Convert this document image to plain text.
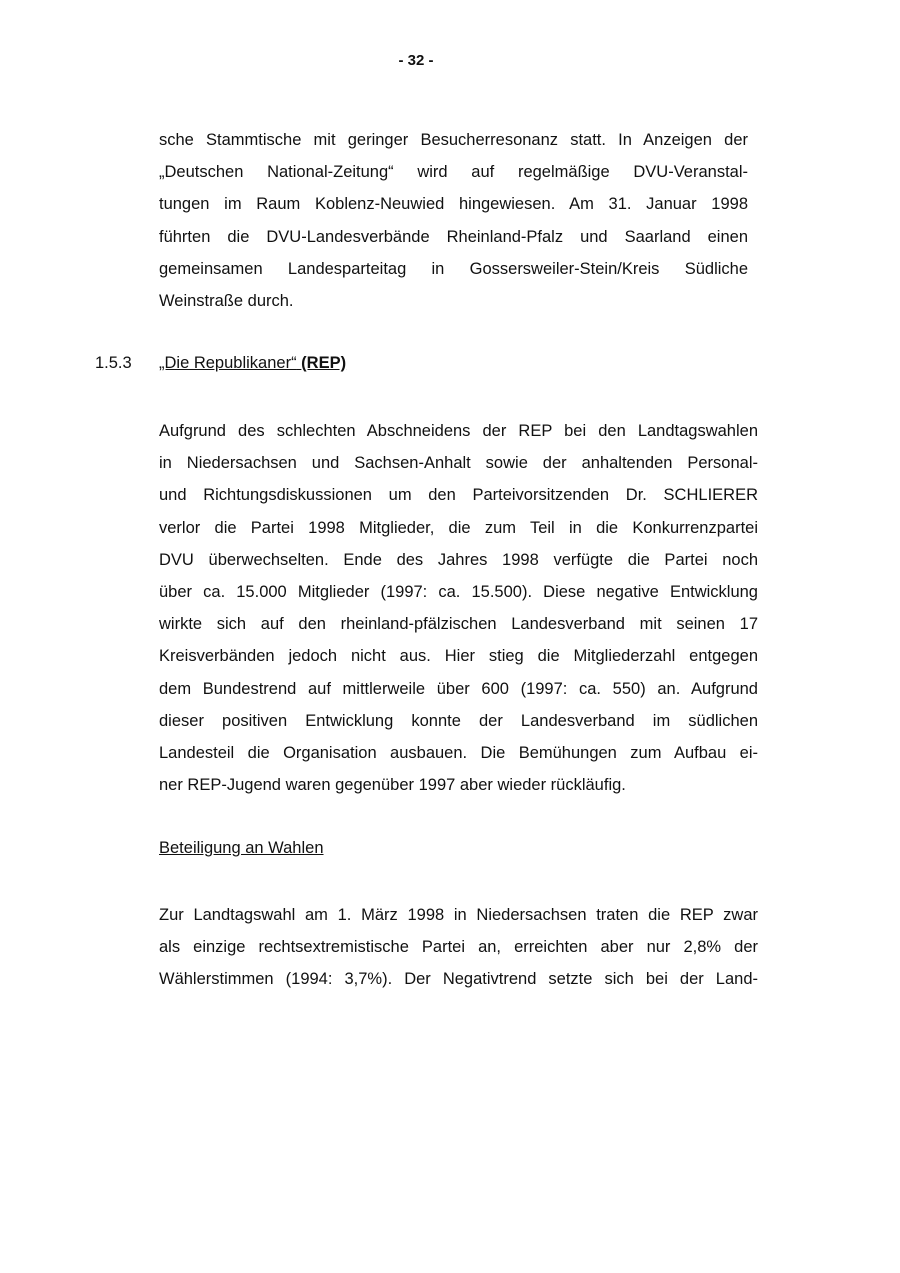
- 32 -

sche Stammtische mit geringer Besucherresonanz statt. In Anzeigen der
„Deutschen National-Zeitung“ wird auf regelmäßige DVU-Veranstal-
tungen im Raum Koblenz-Neuwied hingewiesen. Am 31. Januar 1998
führten die DVU-Landesverbände Rheinland-Pfalz und Saarland einen
gemeinsamen Landesparteitag in Gossersweiler-Stein/Kreis Südliche
Weinstraße durch.

1.5.3 „Die Republikaner“ (REP)

Aufgrund des schlechten Abschneidens der REP bei den Landtagswahlen
in Niedersachsen und Sachsen-Anhalt sowie der anhaltenden Personal-
und Richtungsdiskussionen um den Parteivorsitzenden Dr. SCHLIERER
verlor die Partei 1998 Mitglieder, die zum Teil in die Konkurrenzpartei
DVU überwechselten. Ende des Jahres 1998 verfügte die Partei noch
über ca. 15.000 Mitglieder (1997: ca. 15.500). Diese negative Entwicklung
wirkte sich auf den rheinland-pfälzischen Landesverband mit seinen 17
Kreisverbänden jedoch nicht aus. Hier stieg die Mitgliederzahl entgegen
dem Bundestrend auf mittlerweile über 600 (1997: ca. 550) an. Aufgrund
dieser positiven Entwicklung konnte der Landesverband im südlichen
Landesteil die Organisation ausbauen. Die Bemühungen zum Aufbau ei-
ner REP-Jugend waren gegenüber 1997 aber wieder rückläufig.

Beteiligung an Wahlen

Zur Landtagswahl am 1. März 1998 in Niedersachsen traten die REP zwar
als einzige rechtsextremistische Partei an, erreichten aber nur 2,8% der
Wählerstimmen (1994: 3,7%). Der Negativtrend setzte sich bei der Land-
